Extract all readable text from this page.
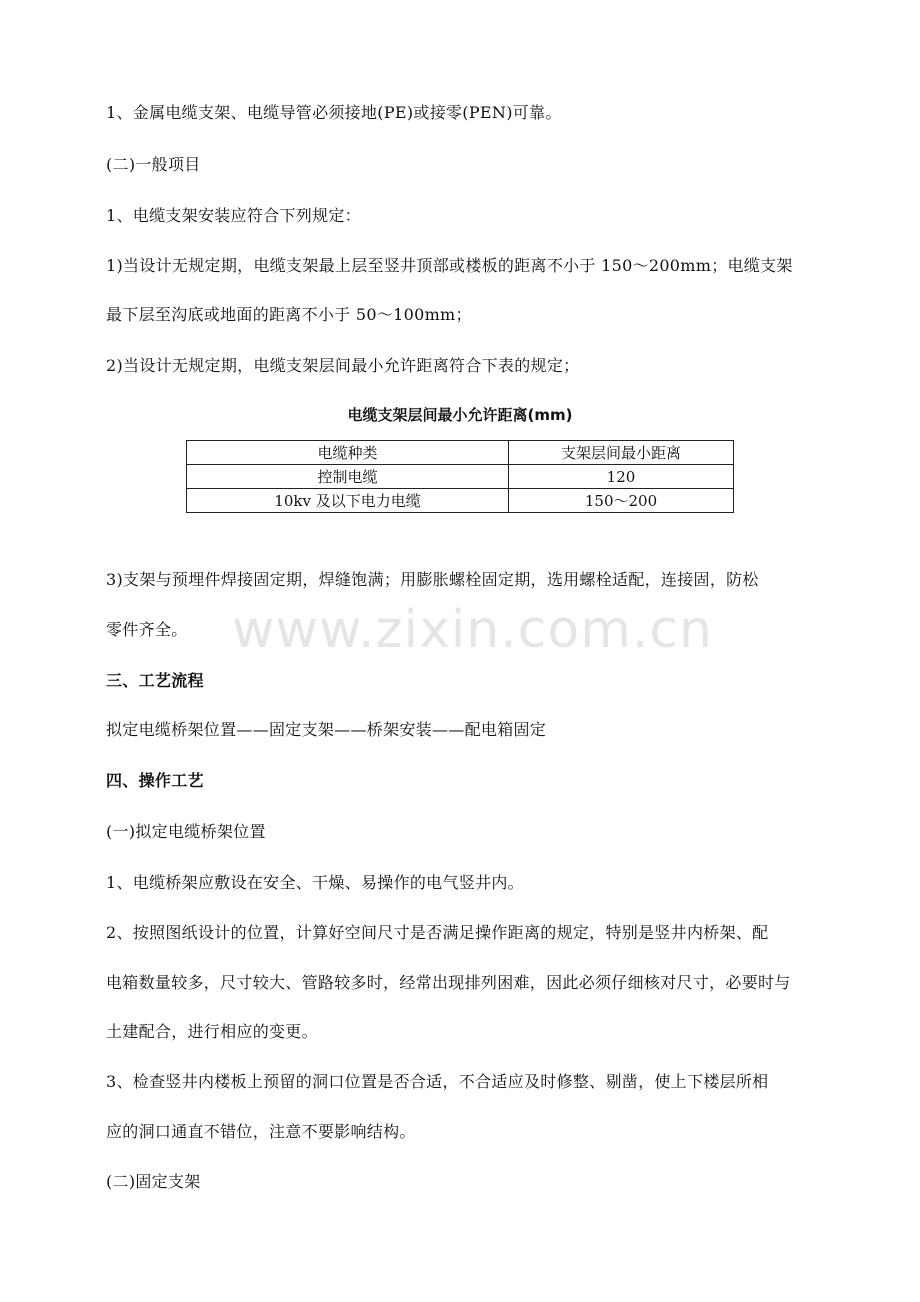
1、金属电缆支架、电缆导管必须接地(PE)或接零(PEN)可靠。
(二)一般项目
1、电缆支架安装应符合下列规定：
1)当设计无规定期，电缆支架最上层至竖井顶部或楼板的距离不小于 150～200mm；电缆支架
最下层至沟底或地面的距离不小于 50～100mm；
2)当设计无规定期，电缆支架层间最小允许距离符合下表的规定；
电缆支架层间最小允许距离(mm)
电缆种类	支架层间最小距离
控制电缆	120
10kv 及以下电力电缆	150～200
3)支架与预埋件焊接固定期，焊缝饱满；用膨胀螺栓固定期，选用螺栓适配，连接固，防松
零件齐全。 www.zixin.com.cn
三、工艺流程
拟定电缆桥架位置——固定支架——桥架安装——配电箱固定
四、操作工艺
(一)拟定电缆桥架位置
1、电缆桥架应敷设在安全、干燥、易操作的电气竖井内。
2、按照图纸设计的位置，计算好空间尺寸是否满足操作距离的规定，特别是竖井内桥架、配
电箱数量较多，尺寸较大、管路较多时，经常出现排列困难，因此必须仔细核对尺寸，必要时与
土建配合，进行相应的变更。
3、检查竖井内楼板上预留的洞口位置是否合适，不合适应及时修整、剔凿，使上下楼层所相
应的洞口通直不错位，注意不要影响结构。
(二)固定支架
